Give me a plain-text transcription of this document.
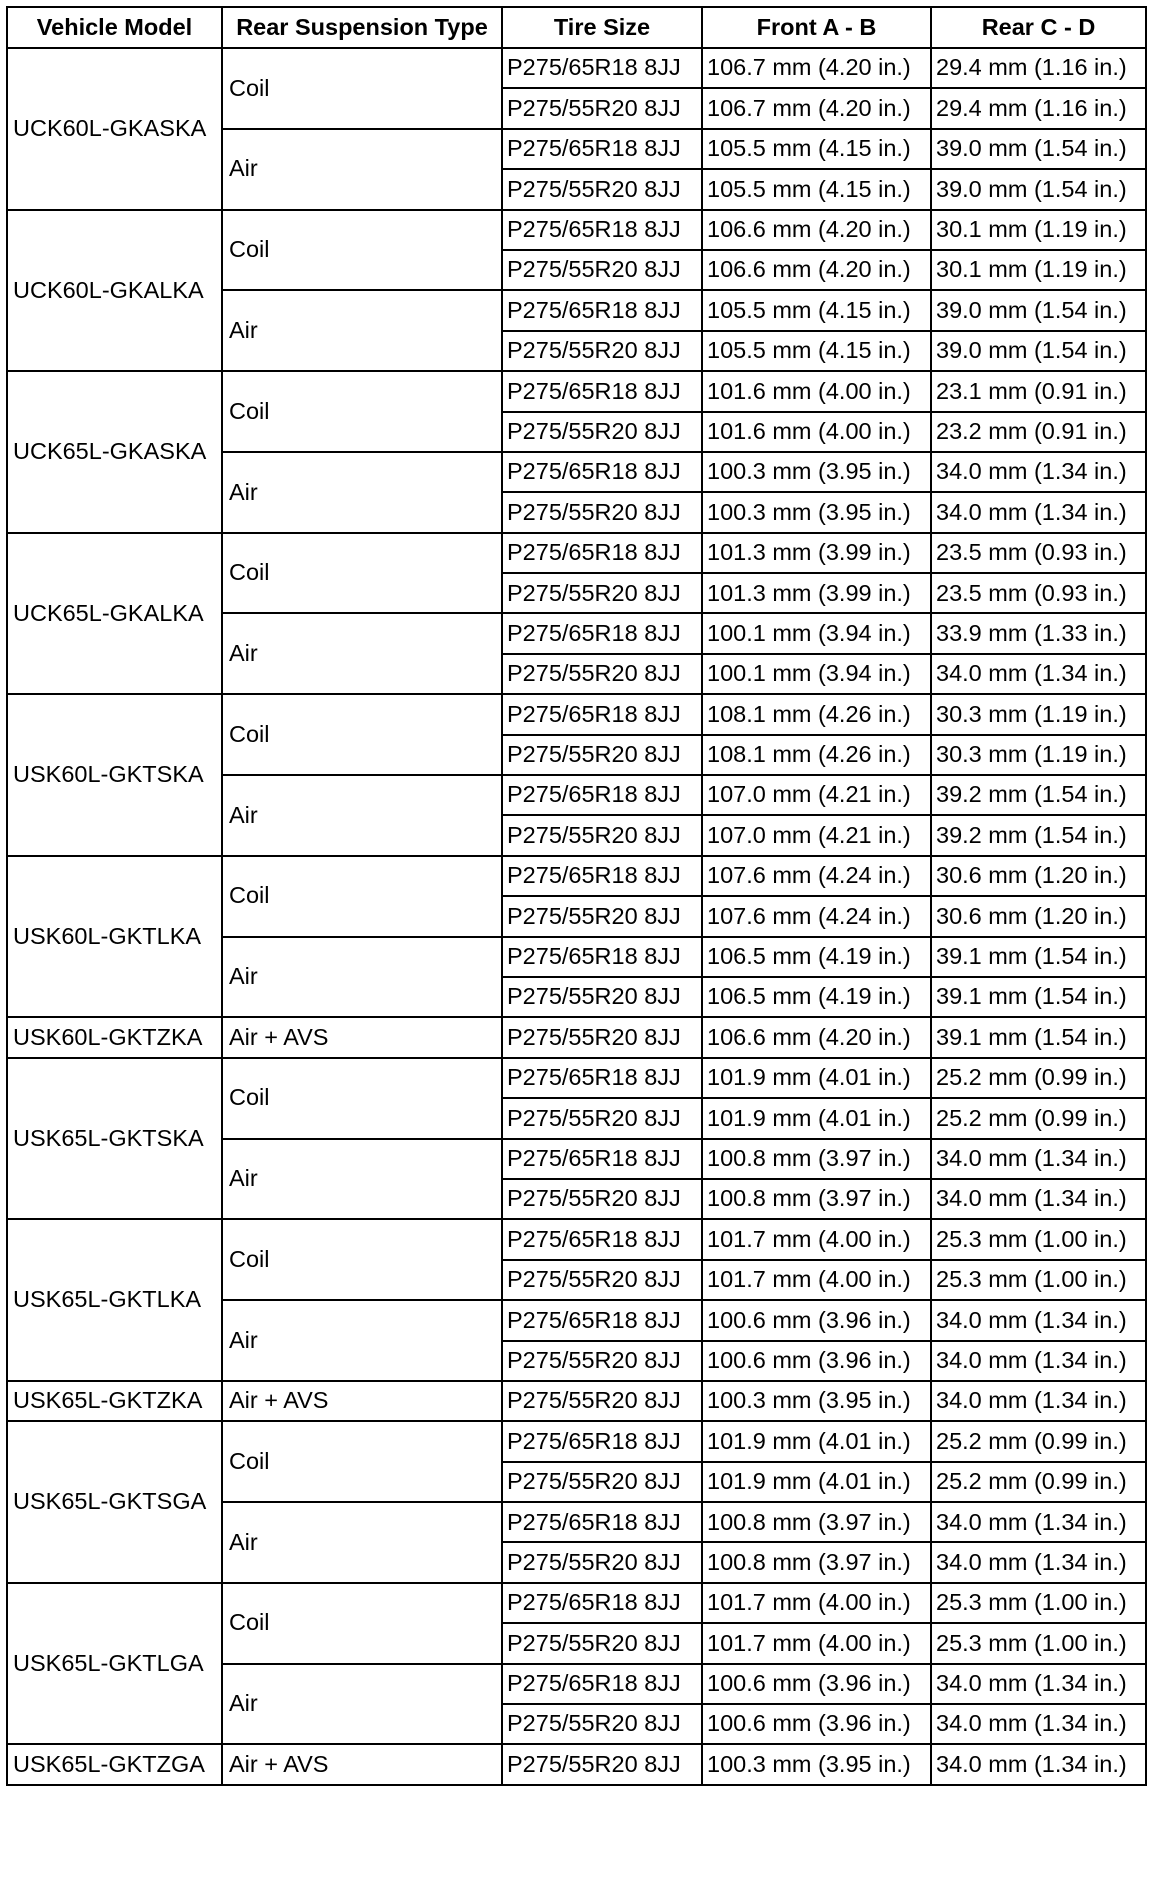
Vehicle Model	Rear Suspension Type	Tire Size	Front A - B	Rear C - D
UCK60L-GKASKA	Coil	P275/65R18 8JJ	106.7 mm (4.20 in.)	29.4 mm (1.16 in.)
		P275/55R20 8JJ	106.7 mm (4.20 in.)	29.4 mm (1.16 in.)
	Air	P275/65R18 8JJ	105.5 mm (4.15 in.)	39.0 mm (1.54 in.)
		P275/55R20 8JJ	105.5 mm (4.15 in.)	39.0 mm (1.54 in.)
UCK60L-GKALKA	Coil	P275/65R18 8JJ	106.6 mm (4.20 in.)	30.1 mm (1.19 in.)
		P275/55R20 8JJ	106.6 mm (4.20 in.)	30.1 mm (1.19 in.)
	Air	P275/65R18 8JJ	105.5 mm (4.15 in.)	39.0 mm (1.54 in.)
		P275/55R20 8JJ	105.5 mm (4.15 in.)	39.0 mm (1.54 in.)
UCK65L-GKASKA	Coil	P275/65R18 8JJ	101.6 mm (4.00 in.)	23.1 mm (0.91 in.)
		P275/55R20 8JJ	101.6 mm (4.00 in.)	23.2 mm (0.91 in.)
	Air	P275/65R18 8JJ	100.3 mm (3.95 in.)	34.0 mm (1.34 in.)
		P275/55R20 8JJ	100.3 mm (3.95 in.)	34.0 mm (1.34 in.)
UCK65L-GKALKA	Coil	P275/65R18 8JJ	101.3 mm (3.99 in.)	23.5 mm (0.93 in.)
		P275/55R20 8JJ	101.3 mm (3.99 in.)	23.5 mm (0.93 in.)
	Air	P275/65R18 8JJ	100.1 mm (3.94 in.)	33.9 mm (1.33 in.)
		P275/55R20 8JJ	100.1 mm (3.94 in.)	34.0 mm (1.34 in.)
USK60L-GKTSKA	Coil	P275/65R18 8JJ	108.1 mm (4.26 in.)	30.3 mm (1.19 in.)
		P275/55R20 8JJ	108.1 mm (4.26 in.)	30.3 mm (1.19 in.)
	Air	P275/65R18 8JJ	107.0 mm (4.21 in.)	39.2 mm (1.54 in.)
		P275/55R20 8JJ	107.0 mm (4.21 in.)	39.2 mm (1.54 in.)
USK60L-GKTLKA	Coil	P275/65R18 8JJ	107.6 mm (4.24 in.)	30.6 mm (1.20 in.)
		P275/55R20 8JJ	107.6 mm (4.24 in.)	30.6 mm (1.20 in.)
	Air	P275/65R18 8JJ	106.5 mm (4.19 in.)	39.1 mm (1.54 in.)
		P275/55R20 8JJ	106.5 mm (4.19 in.)	39.1 mm (1.54 in.)
USK60L-GKTZKA	Air + AVS	P275/55R20 8JJ	106.6 mm (4.20 in.)	39.1 mm (1.54 in.)
USK65L-GKTSKA	Coil	P275/65R18 8JJ	101.9 mm (4.01 in.)	25.2 mm (0.99 in.)
		P275/55R20 8JJ	101.9 mm (4.01 in.)	25.2 mm (0.99 in.)
	Air	P275/65R18 8JJ	100.8 mm (3.97 in.)	34.0 mm (1.34 in.)
		P275/55R20 8JJ	100.8 mm (3.97 in.)	34.0 mm (1.34 in.)
USK65L-GKTLKA	Coil	P275/65R18 8JJ	101.7 mm (4.00 in.)	25.3 mm (1.00 in.)
		P275/55R20 8JJ	101.7 mm (4.00 in.)	25.3 mm (1.00 in.)
	Air	P275/65R18 8JJ	100.6 mm (3.96 in.)	34.0 mm (1.34 in.)
		P275/55R20 8JJ	100.6 mm (3.96 in.)	34.0 mm (1.34 in.)
USK65L-GKTZKA	Air + AVS	P275/55R20 8JJ	100.3 mm (3.95 in.)	34.0 mm (1.34 in.)
USK65L-GKTSGA	Coil	P275/65R18 8JJ	101.9 mm (4.01 in.)	25.2 mm (0.99 in.)
		P275/55R20 8JJ	101.9 mm (4.01 in.)	25.2 mm (0.99 in.)
	Air	P275/65R18 8JJ	100.8 mm (3.97 in.)	34.0 mm (1.34 in.)
		P275/55R20 8JJ	100.8 mm (3.97 in.)	34.0 mm (1.34 in.)
USK65L-GKTLGA	Coil	P275/65R18 8JJ	101.7 mm (4.00 in.)	25.3 mm (1.00 in.)
		P275/55R20 8JJ	101.7 mm (4.00 in.)	25.3 mm (1.00 in.)
	Air	P275/65R18 8JJ	100.6 mm (3.96 in.)	34.0 mm (1.34 in.)
		P275/55R20 8JJ	100.6 mm (3.96 in.)	34.0 mm (1.34 in.)
USK65L-GKTZGA	Air + AVS	P275/55R20 8JJ	100.3 mm (3.95 in.)	34.0 mm (1.34 in.)
